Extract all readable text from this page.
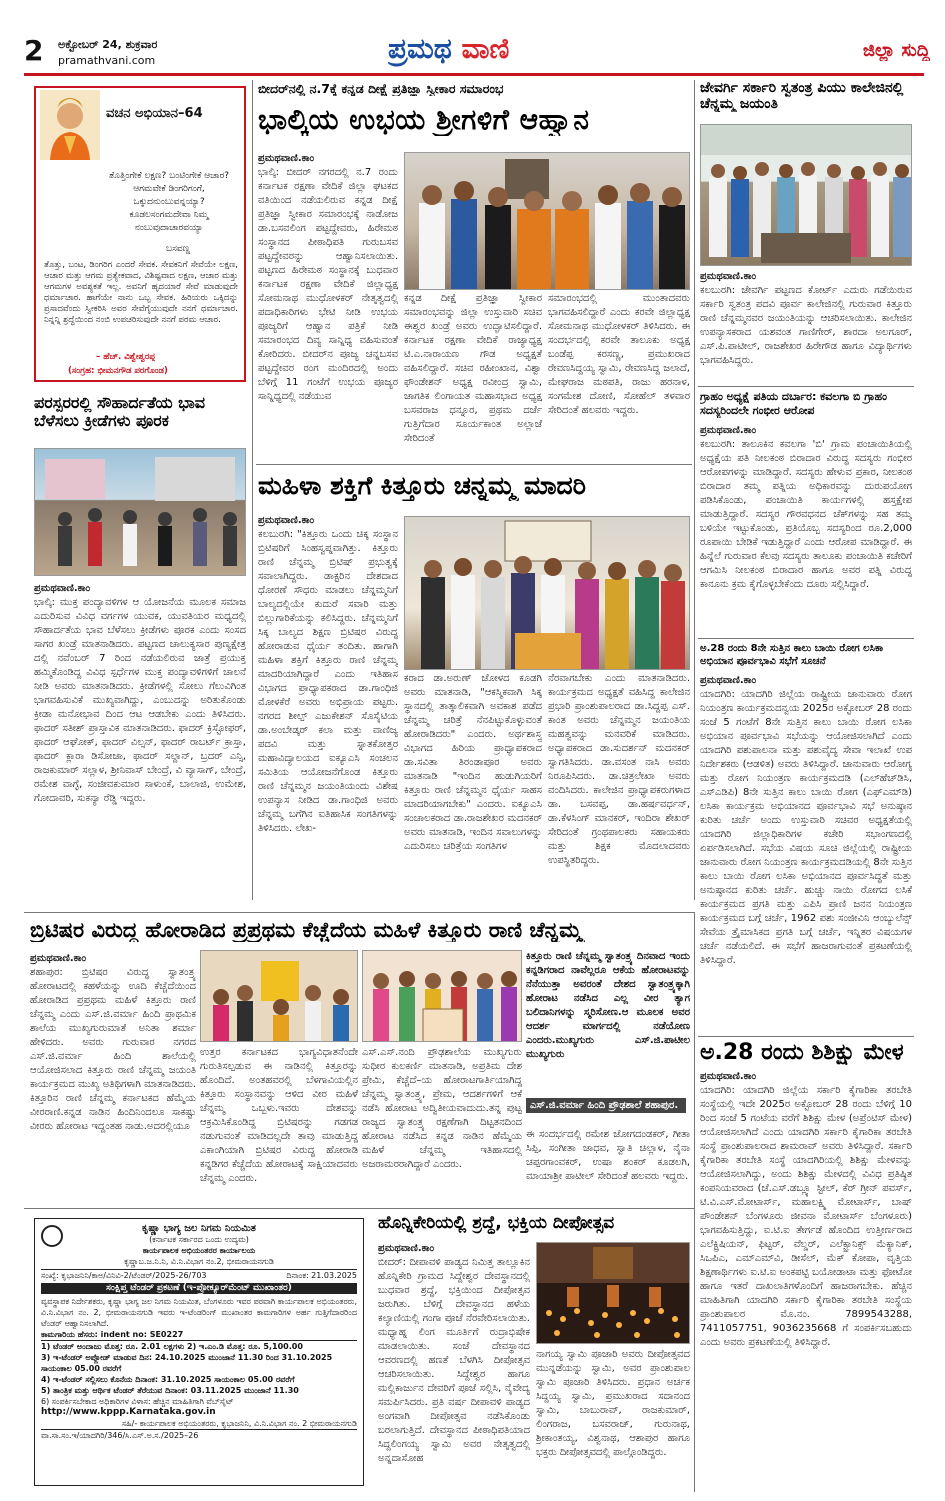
2 ಅಕ್ಟೋಬರ್ 24, ಶುಕ್ರವಾರ
pramathvani.com	ಪ್ರಮಥ ವಾಣಿ	ಜಿಲ್ಲಾ ಸುದ್ದಿ
ವಚನ ಅಭಿಯಾನ–64
ತೊತ್ತಿಂಗೇಕೆ ಲಕ್ಷಣ? ಬಂಟಿಂಗೇಕೆ ಆಚಾರ? ಆಗಮವೇಕೆ ಡಿಂಗರಿಗಂಗೆ, ಒಕ್ಕುದನುಂಬುವನ್ನಯ್ಯಾ? ಕೂಡಲಸಂಗಮದೇವಾ ನಿಮ್ಮ ನಂಬುವುದಾಚಾರವಯ್ಯಾ
ಬಸವಣ್ಣ
ತೊತ್ತು, ಬಂಟ, ಡಿಂಗರಿಗ ಎಂದರೆ ಸೇವಕ. ಸೇವಕನಿಗೆ ಸೇವೆಯೇ ಲಕ್ಷಣ, ಆಚಾರ ಮತ್ತು ಆಗಮ ಪ್ರತ್ಯೇಕವಾದ, ವಿಶಿಷ್ಟವಾದ ಲಕ್ಷಣ, ಆಚಾರ ಮತ್ತು ಆಗಮಗಳ ಅವಶ್ಯಕತೆ ಇಲ್ಲ. ಅವನಿಗೆ ಹೃದಯಾರೆ ಸೇವೆ ಮಾಡುವುದೇ ಧರ್ಮಾಚಾರ. ಹಾಗೆಯೇ ನಾನು ಒಬ್ಬ ಸೇವಕ. ಹಿರಿಯರು ಒಕ್ಕಿದನ್ನು ಪ್ರಸಾದವೆಂದು ಸ್ವೀಕರಿಸಿ ಅವರ ಸೇವೆಗೈಯುವುದೇ ನನಗೆ ಧರ್ಮಾಚಾರ. ನಿನ್ನನ್ನಿ ಶ್ರದ್ಧೆಯಿಂದ ನಂಬಿ ಉಪಚರಿಸುವುದೇ ನನಗೆ ಪರಮ ಆಚಾರ.
– ಹೆಚ್. ವಿಶ್ವೇಶ್ವರಪ್ಪ
(ಸಂಗ್ರಹ: ಭೀಮನಗೌಡ ಪರಗೊಂಡ)
ಪರಸ್ಪರರಲ್ಲಿ ಸೌಹಾರ್ದತೆಯ ಭಾವ ಬೆಳೆಸಲು ಕ್ರೀಡೆಗಳು ಪೂರಕ
ಪ್ರಮಥವಾಣಿ.ಕಾಂ
ಭಾಲ್ಕಿ: ಮುಕ್ತ ಪಂದ್ಯಾವಳಿಗಳ ಆ ಯೋಜನೆಯ ಮೂಲಕ ಸಮಾಜ ಎದುರಿಸುವ ವಿವಿಧ ವರ್ಗಗಳ ಯುವಕ, ಯುವತಿಯರ ಮಧ್ಯದಲ್ಲಿ ಸೌಹಾರ್ದತೆಯ ಭಾವ ಬೆಳೆಸಲು ಕ್ರೀಡೆಗಳು ಪೂರಕ ಎಂದು ಸಂಸದ ಸಾಗರ ಖಂಡ್ರೆ ಮಾತನಾಡಿದರು. ಪಟ್ಟಣದ ಚಾಲುಕ್ಯಸಾರ ಪುಣ್ಯಕ್ಷೇತ್ರ ದಲ್ಲಿ ನವೆಂಬರ್ 7 ರಿಂದ ನಡೆಯಲಿರುವ ಜಾತ್ರೆ ಪ್ರಯುಕ್ತ ಹಮ್ಮಿಕೊಂಡಿದ್ದ ವಿವಿಧ ಸ್ಪರ್ಧೆಗಳ ಮುಕ್ತ ಪಂದ್ಯಾವಳಿಗಳಿಗೆ ಚಾಲನೆ ನೀಡಿ ಅವರು ಮಾತನಾಡಿದರು. ಕ್ರೀಡೆಗಳಲ್ಲಿ ಸೋಲು ಗೆಲುವಿಗಿಂತ ಭಾಗವಹಿಸುವಿಕೆ ಮುಖ್ಯವಾಗಿದ್ದು, ಎಂಬುದನ್ನು ಅರಿತುಕೊಂಡು ಕ್ರೀಡಾ ಮನೋಭಾವ ದಿಂದ ಆಟ ಆಡಬೇಕು ಎಂದು ತಿಳಿಸಿದರು. ಫಾದರ್ ಸತೀಶ್ ಪ್ರಾಸ್ತಾವಿಕ ಮಾತನಾಡಿದರು. ಫಾದರ್ ಕ್ರಿಸ್ಟೋಫರ್, ಫಾದರ್ ಆಘೋಕ್, ಫಾದರ್ ವಿಲ್ಸನ್, ಫಾದರ್ ರಾಬರ್ಟ್ ಕ್ರಾಸ್ತಾ, ಫಾದರ್ ಕ್ಲಾರಾ ಡಿಸೋಜಾ, ಫಾದರ್ ಸಲ್ದಾನ್, ಬ್ರದರ್ ಎನ್ಸಿ, ರಾಜಕುಮಾರ್ ಸಲ್ಲಾಳ, ಶ್ರೀನಿವಾಸ್ ಬೇಂದ್ರೆ, ವಿ ವ್ಯಾಸಾಗ್, ಬೇಂದ್ರೆ, ರಮೇಶ ವಾಗ್ಳೆ, ಸಂಜೀವಕುಮಾರ ಸಾಳುಂಕೆ, ಬಾಲಾಜಿ, ಉಮೇಶ, ಗೋದಾವರಿ, ಸುಕನ್ಯಾ ರೆಡ್ಡಿ ಇದ್ದರು.
ಬೀದರ್‌ನಲ್ಲಿ ನ.7ಕ್ಕೆ ಕನ್ನಡ ದೀಕ್ಷೆ ಪ್ರತಿಜ್ಞಾ ಸ್ವೀಕಾರ ಸಮಾರಂಭ
ಭಾಲ್ಕಿಯ ಉಭಯ ಶ್ರೀಗಳಿಗೆ ಆಹ್ವಾನ
ಪ್ರಮಥವಾಣಿ.ಕಾಂ
ಭಾಲ್ಕಿ: ಬೀದರ್ ನಗರದಲ್ಲಿ ನ.7 ರಂದು ಕರ್ನಾಟಕ ರಕ್ಷಣಾ ವೇದಿಕೆ ಜಿಲ್ಲಾ ಘಟಕದ ವತಿಯಿಂದ ನಡೆಯಲಿರುವ ಕನ್ನಡ ದೀಕ್ಷೆ ಪ್ರತಿಜ್ಞಾ ಸ್ವೀಕಾರ ಸಮಾರಂಭಕ್ಕೆ ನಾಡೋಜ ಡಾ.ಬಸವಲಿಂಗ ಪಟ್ಟದ್ದೇವರು, ಹಿರೇಮಠ ಸಂಸ್ಥಾನದ ಪೀಠಾಧಿಪತಿ ಗುರುಬಸವ ಪಟ್ಟದ್ದೇವರನ್ನು ಆಹ್ವಾನಿಸಲಾಯಿತು. ಪಟ್ಟಣದ ಹಿರೇಮಠ ಸಂಸ್ಥಾನಕ್ಕೆ ಬುಧವಾರ ಕರ್ನಾಟಕ ರಕ್ಷಣಾ ವೇದಿಕೆ ಜಿಲ್ಲಾಧ್ಯಕ್ಷ ಸೋಮನಾಥ ಮುಧೋಳಕರ್ ನೇತೃತ್ವದಲ್ಲಿ ಪದಾಧಿಕಾರಿಗಳು ಭೇಟಿ ನೀಡಿ ಉಭಯ ಪೂಜ್ಯರಿಗೆ ಆಹ್ವಾನ ಪತ್ರಿಕೆ ನೀಡಿ ಸಮಾರಂಭದ ದಿವ್ಯ ಸಾನ್ನಿಧ್ಯ ವಹಿಸುವಂತೆ ಕೋರಿದರು. ಬೀದರ್‌ನ ಪೂಜ್ಯ ಚನ್ನಬಸವ ಪಟ್ಟದ್ದೇವರ ರಂಗ ಮಂದಿರದಲ್ಲಿ ಅಂದು ಬೆಳಿಗ್ಗೆ 11 ಗಂಟೆಗೆ ಉಭಯ ಪೂಜ್ಯರ ಸಾನ್ನಿಧ್ಯದಲ್ಲಿ ನಡೆಯುವ
ಕನ್ನಡ ದೀಕ್ಷೆ ಪ್ರತಿಜ್ಞಾ ಸ್ವೀಕಾರ ಸಮಾರಂಭವನ್ನು ಜಿಲ್ಲಾ ಉಸ್ತುವಾರಿ ಸಚಿವ ಈಶ್ವರ ಖಂಡ್ರೆ ಅವರು ಉದ್ಘಾಟಿಸಲಿದ್ದಾರೆ. ಕರ್ನಾಟಕ ರಕ್ಷಣಾ ವೇದಿಕೆ ರಾಜ್ಯಾಧ್ಯಕ್ಷ ಟಿ.ಎ.ನಾರಾಯಣ ಗೌಡ ಅಧ್ಯಕ್ಷತೆ ವಹಿಸಲಿದ್ದಾರೆ. ಸಚಿವ ರಹೀಂಖಾನ, ವಿಶ್ವಾ ಫೌಂಡೇಶನ್ ಅಧ್ಯಕ್ಷ ರವೀಂದ್ರ ಸ್ವಾಮಿ, ಜಾಗತಿಕ ಲಿಂಗಾಯತ ಮಹಾಸಭಾದ ಅಧ್ಯಕ್ಷ ಬಸವರಾಜ ಧನ್ನೂರ, ಪ್ರಥಮ ದರ್ಜೆ ಗುತ್ತಿಗೆದಾರ ಸೂರ್ಯಕಾಂತ ಅಲ್ಲಾಜೆ ಸೇರಿದಂತೆ
ಸಮಾರಂಭದಲ್ಲಿ ಮುಂತಾದವರು ಭಾಗವಹಿಸಲಿದ್ದಾರೆ ಎಂದು ಕರವೇ ಜಿಲ್ಲಾಧ್ಯಕ್ಷ ಸೋಮನಾಥ ಮುಧೋಳಕರ್ ತಿಳಿಸಿದರು. ಈ ಸಂದರ್ಭದಲ್ಲಿ ಕರವೇ ತಾಲೂಕು ಅಧ್ಯಕ್ಷ ಬಂಡೆಪ್ಪ ಕರಸಣ್ಣ, ಪ್ರಮುಖರಾದ ರೇವಣಸಿದ್ದಯ್ಯ ಸ್ವಾಮಿ, ರೇವಣಸಿದ್ದ ಜಲಾದೆ, ಮೇಘರಾಜ ಮಠಪತಿ, ರಾಜು ಹರನಾಳ, ಸಂಗಮೇಶ ದೋಣಿ, ಸೋಹೆಲ್ ತಳವಾರ ಸೇರಿದಂತೆ ಹಲವರು ಇದ್ದರು.
ಮಹಿಳಾ ಶಕ್ತಿಗೆ ಕಿತ್ತೂರು ಚನ್ನಮ್ಮ ಮಾದರಿ
ಪ್ರಮಥವಾಣಿ.ಕಾಂ
ಕಲಬುರಗಿ: "ಕಿತ್ತೂರು ಒಂದು ಚಿಕ್ಕ ಸಂಸ್ಥಾನ ಬ್ರಿಟಿಷರಿಗೆ ಸಿಂಹಸ್ವಪ್ನವಾಗಿತ್ತು. ಕಿತ್ತೂರು ರಾಣಿ ಚೆನ್ನಮ್ಮ ಬ್ರಿಟಿಷ್ ಪ್ರಭುತ್ವಕ್ಕೆ ಸವಾಲಾಗಿದ್ದರು. ಡಾಕ್ಟರಿನ ದೇಶದಾದ ಧೋರಣೆ ಸೌಧರು ಮಾಡಲು ಚೆನ್ನಮ್ಮನಿಗೆ ಬಾಲ್ಯದಲ್ಲಿಯೇ ಕುದುರೆ ಸವಾರಿ ಮತ್ತು ಬಿಲ್ಲುಗಾರಿಕೆಯನ್ನು ಕಲಿಸಿದ್ದರು. ಚೆನ್ನಮ್ಮನಿಗೆ ಸಿಕ್ಕ ಬಾಲ್ಯದ ಶಿಕ್ಷಣ ಬ್ರಿಟಿಷರ ವಿರುದ್ಧ ಹೋರಾಡುವ ಧೈರ್ಯ ತಂದಿತು. ಹಾಗಾಗಿ ಮಹಿಳಾ ಶಕ್ತಿಗೆ ಕಿತ್ತೂರು ರಾಣಿ ಚೆನ್ನಮ್ಮ ಮಾದರಿಯಾಗಿದ್ದಾರೆ ಎಂದು ಇತಿಹಾಸ ವಿಭಾಗದ ಪ್ರಾಧ್ಯಾಪಕರಾದ ಡಾ.ಗಾಂಧಿಜಿ ಮೋಳಕೆರೆ ಅವರು ಅಭಿಪ್ರಾಯ ಪಟ್ಟರು. ನಗರದ ಶೀಲ್ಪ್ ಎಜುಕೇಶನ್ ಸೊಸೈಟಿಯ ಡಾ.ಅಂಬೇಡ್ಕರ್ ಕಲಾ ಮತ್ತು ವಾಣಿಜ್ಯ ಪದವಿ ಮತ್ತು ಸ್ನಾತಕೋತ್ತರ ಮಹಾವಿದ್ಯಾಲಯದ ಐಕ್ಯೂಎಸಿ ಸಂಚಲನ ಸಮಿತಿಯ ಆಯೋಜನೆಗೊಂಡ ಕಿತ್ತೂರು ರಾಣಿ ಚೆನ್ನಮ್ಮನ ಜಯಂತಿಯಂದು ವಿಶೇಷ ಉಪನ್ಯಾಸ ನೀಡಿದ ಡಾ.ಗಾಂಧಿಜಿ ಅವರು ಚೆನ್ನಮ್ಮ ಬಗೆಗಿನ ಐತಿಹಾಸಿಕ ಸಂಗತಿಗಳನ್ನು ತಿಳಿಸಿದರು. ಲೇಖ-
ಕರಾದ ಡಾ.ಅರುಣ್ ಜೋಳದ ಕೂಡಗಿ ಅವರು ಮಾತನಾಡಿ, "ಆಕಸ್ಮಿಕವಾಗಿ ಸಿಕ್ಕ ಸ್ಥಾನದಲ್ಲಿ ತಾತ್ಕಾಲಿಕವಾಗಿ ಅವಕಾಶ ಪಡೆದ ಚೆನ್ನಮ್ಮ ಚರಿತ್ರೆ ನೆನಪಿಟ್ಟುಕೊಳ್ಳುವಂತೆ ಹೋರಾಡಿದರು" ಎಂದರು. ಅರ್ಥಶಾಸ್ತ್ರ ವಿಭಾಗದ ಹಿರಿಯ ಪ್ರಾಧ್ಯಾಪಕರಾದ ಡಾ.ಸವಿತಾ ತಿರಂಡಾಪೂರ ಅವರು ಮಾತನಾಡಿ "ಇಂದಿನ ಹುಡುಗಿಯರಿಗೆ ಕಿತ್ತೂರು ರಾಣಿ ಚೆನ್ನಮ್ಮನ ಧೈರ್ಯ ಸಾಹಸ ಮಾದರಿಯಾಗಬೇಕು" ಎಂದರು. ಐಕ್ಯೂಎಸಿ ಸಂಚಾಲಕರಾದ ಡಾ.ರಾಜಶೇಖರ ಮದನಕರ್ ಅವರು ಮಾತನಾಡಿ, ಇಂದಿನ ಸವಾಲುಗಳನ್ನು ಎದುರಿಸಲು ಚರಿತ್ರೆಯ ಸಂಗತಿಗಳ
ನೆರವಾಗಬೇಕು ಎಂದು ಮಾತನಾಡಿದರು. ಕಾರ್ಯಕ್ರಮದ ಅಧ್ಯಕ್ಷತೆ ವಹಿಸಿದ್ದ ಕಾಲೇಜಿನ ಪ್ರಭಾರಿ ಪ್ರಾಂಶುಪಾಲರಾದ ಡಾ.ಸಿದ್ದಪ್ಪ ಎಸ್. ಕಾಂತ ಅವರು ಚೆನ್ನಮ್ಮನ ಜಯಂತಿಯ ಮಹತ್ವವನ್ನು ಮನವರಿಕೆ ಮಾಡಿದರು. ಅಧ್ಯಾಪಕರಾದ ಡಾ.ಸುದರ್ಶನ್ ಮದನಕರ್ ಸ್ವಾಗತಿಸಿದರು. ಡಾ.ವಸಂತ ನಾಸಿ ಅವರು ನಿರೂಪಿಸಿದರು. ಡಾ.ಚಿತ್ರಲೇಖಾ ಅವರು ವಂದಿಸಿದರು. ಕಾಲೇಜಿನ ಪ್ರಾಧ್ಯಾಪಕರುಗಳಾದ ಡಾ. ಬಸವಪ್ಪ, ಡಾ.ಹರ್ಷವರ್ಧನ್, ಡಾ.ಕೆಳಸಿಂಗ್ ಮಾನಕರ್, ಇಂದಿರಾ ಶೇಖರ್ ಸೇರಿದಂತೆ ಗ್ರಂಥಪಾಲಕರು ಸಹಾಯಕರು ಮತ್ತು ಶಿಕ್ಷಕ ಮೊದಲಾದವರು ಉಪಸ್ಥಿತರಿದ್ದರು.
ಜೇವರ್ಗಿ ಸರ್ಕಾರಿ ಸ್ವತಂತ್ರ ಪಿಯು ಕಾಲೇಜಿನಲ್ಲಿ ಚೆನ್ನಮ್ಮ ಜಯಂತಿ
ಪ್ರಮಥವಾಣಿ.ಕಾಂ
ಕಲಬುರಗಿ: ಜೇವರ್ಗಿ ಪಟ್ಟಣದ ಕೋರ್ಟ್ ಎದುರು ಗಡೆಯಿರುವ ಸರ್ಕಾರಿ ಸ್ವತಂತ್ರ ಪದವಿ ಪೂರ್ವ ಕಾಲೇಜಿನಲ್ಲಿ ಗುರುವಾರ ಕಿತ್ತೂರು ರಾಣಿ ಚೆನ್ನಮ್ಮನವರ ಜಯಂತಿಯನ್ನು ಆಚರಿಸಲಾಯಿತು. ಕಾಲೇಜಿನ ಉಪನ್ಯಾಸಕರಾದ ಯಶವಂತ ಗಾಣಿಗೇರ್, ಶಾರದಾ ಅಲಗೂರ್, ಎಸ್.ಪಿ.ಪಾಟೀಲ್, ರಾಜಶೇಖರ ಹಿರೇಗೌಡ ಹಾಗೂ ವಿದ್ಯಾರ್ಥಿಗಳು ಭಾಗವಹಿಸಿದ್ದರು.
ಗ್ರಾಹಂ ಅಧ್ಯಕ್ಷೆ ಪತಿಯ ದರ್ಬಾರ: ಕವಲಗಾ ಬಿ ಗ್ರಾಹಂ ಸದಸ್ಯರಿಂದಲೇ ಗಂಭೀರ ಆರೋಪ
ಪ್ರಮಥವಾಣಿ.ಕಾಂ
ಕಲಬುರಗಿ: ತಾಲೂಕಿನ ಕವಲಗಾ 'ಬಿ' ಗ್ರಾಮ ಪಂಚಾಯಿತಿಯಲ್ಲಿ ಅಧ್ಯಕ್ಷೆಯ ಪತಿ ನೀಲಕಂಠ ಬಿರಾದಾರ ವಿರುದ್ಧ ಸದಸ್ಯರು ಗಂಭೀರ ಆರೋಪಗಳನ್ನು ಮಾಡಿದ್ದಾರೆ. ಸದಸ್ಯರು ಹೇಳುವ ಪ್ರಕಾರ, ನೀಲಕಂಠ ಬಿರಾದಾರ ತಮ್ಮ ಪತ್ನಿಯ ಅಧಿಕಾರವನ್ನು ದುರುಪಯೋಗ ಪಡಿಸಿಕೊಂಡು, ಪಂಚಾಯಿತಿ ಕಾರ್ಯಗಳಲ್ಲಿ ಹಸ್ತಕ್ಷೇಪ ಮಾಡುತ್ತಿದ್ದಾರೆ. ಸದಸ್ಯರ ಗೌರವಧನದ ಚೆಕ್‌ಗಳನ್ನು ಸಹ ತಮ್ಮ ಬಳಿಯೇ ಇಟ್ಟುಕೊಂಡು, ಪ್ರತಿಯೊಬ್ಬ ಸದಸ್ಯರಿಂದ ರೂ.2,000 ರೂಪಾಯಿ ಬೇಡಿಕೆ ಇಡುತ್ತಿದ್ದಾರೆ ಎಂದು ಆರೋಪ ಮಾಡಿದ್ದಾರೆ. ಈ ಹಿನ್ನೆಲೆ ಗುರುವಾರ ಕೆಲವು ಸದಸ್ಯರು ತಾಲೂಕು ಪಂಚಾಯಿತಿ ಕಚೇರಿಗೆ ಆಗಮಿಸಿ ನೀಲಕಂಠ ಬಿರಾದಾರ ಹಾಗೂ ಅವರ ಪತ್ನಿ ವಿರುದ್ಧ ಕಾನೂನು ಕ್ರಮ ಕೈಗೊಳ್ಳಬೇಕೆಂದು ದೂರು ಸಲ್ಲಿಸಿದ್ದಾರೆ.
ಅ.28 ರಂದು 8ನೇ ಸುತ್ತಿನ ಕಾಲು ಬಾಯಿ ರೋಗ ಲಸಿಕಾ ಅಭಿಯಾನ ಪೂರ್ವಭಾವಿ ಸಭೆಗೆ ಸೂಚನೆ
ಪ್ರಮಥವಾಣಿ.ಕಾಂ
ಯಾದಗಿರಿ: ಯಾದಗಿರಿ ಜಿಲ್ಲೆಯ ರಾಷ್ಟ್ರೀಯ ಜಾನುವಾರು ರೋಗ ನಿಯಂತ್ರಣ ಕಾರ್ಯಕ್ರಮದನ್ವಯ 2025ರ ಅಕ್ಟೋಬರ್ 28 ರಂದು ಸಂಜೆ 5 ಗಂಟೆಗೆ 8ನೇ ಸುತ್ತಿನ ಕಾಲು ಬಾಯಿ ರೋಗ ಲಸಿಕಾ ಅಭಿಯಾನ ಪೂರ್ವಭಾವಿ ಸಭೆಯನ್ನು ಆಯೋಜಿಸಲಾಗಿದೆ ಎಂದು ಯಾದಗಿರಿ ಪಶುಪಾಲನಾ ಮತ್ತು ಪಶುವೈದ್ಯ ಸೇವಾ ಇಲಾಖೆ ಉಪ ನಿರ್ದೇಶಕರು (ಆಡಳಿತ) ಅವರು ತಿಳಿಸಿದ್ದಾರೆ. ಜಾನುವಾರು ಆರೋಗ್ಯ ಮತ್ತು ರೋಗ ನಿಯಂತ್ರಣ ಕಾರ್ಯಕ್ರಮದಡಿ (ಎಲ್‌ಹೆಚ್‌ಡಿಸಿ, ಎಸ್‌ಎಡಿಪಿ) 8ನೇ ಸುತ್ತಿನ ಕಾಲು ಬಾಯಿ ರೋಗ (ಎಫ್‌ಎಮ್‌ಡಿ) ಲಸಿಕಾ ಕಾರ್ಯಕ್ರಮ ಅಭಿಯಾನದ ಪೂರ್ವಭಾವಿ ಸಭೆ ಅನುಷ್ಠಾನ ಕುರಿತು ಚರ್ಚೆ ಅಂದು ಉಸ್ತುವಾರಿ ಸಚಿವರ ಅಧ್ಯಕ್ಷತೆಯಲ್ಲಿ ಯಾದಗಿರಿ ಜಿಲ್ಲಾಧಿಕಾರಿಗಳ ಕಚೇರಿ ಸಭಾಂಗಣದಲ್ಲಿ ಏರ್ಪಡಿಸಲಾಗಿದೆ. ಸಭೆಯ ವಿಷಯ ಸೂಚಿ ಜಿಲ್ಲೆಯಲ್ಲಿ ರಾಷ್ಟ್ರೀಯ ಜಾನುವಾರು ರೋಗ ನಿಯಂತ್ರಣ ಕಾರ್ಯಕ್ರಮದಡಿಯಲ್ಲಿ 8ನೇ ಸುತ್ತಿನ ಕಾಲು ಬಾಯಿ ರೋಗ ಲಸಿಕಾ ಅಭಿಯಾನದ ಪೂರ್ವಸಿದ್ಧತೆ ಮತ್ತು ಅನುಷ್ಠಾನದ ಕುರಿತು ಚರ್ಚೆ. ಹುಚ್ಚು ನಾಯಿ ರೋಗದ ಲಸಿಕೆ ಕಾರ್ಯಕ್ರಮದ ಪ್ರಗತಿ ಮತ್ತು ಎಪಿಸಿ ಪ್ರಾಣಿ ಜನನ ನಿಯಂತ್ರಣ ಕಾರ್ಯಕ್ರಮದ ಬಗ್ಗೆ ಚರ್ಚೆ, 1962 ಪಶು ಸಂಜೀವಿನಿ ಆಂಬ್ಯುಲೆನ್ಸ್ ಸೇವೆಯ ತ್ರೈಮಾಸಿಕದ ಪ್ರಗತಿ ಬಗ್ಗೆ ಚರ್ಚೆ, ಇನ್ನಿತರ ವಿಷಯಗಳ ಚರ್ಚೆ ನಡೆಯಲಿದೆ. ಈ ಸಭೆಗೆ ಹಾಜರಾಗುವಂತೆ ಪ್ರಕಟಣೆಯಲ್ಲಿ ತಿಳಿಸಿದ್ದಾರೆ.
ಅ.28 ರಂದು ಶಿಶಿಕ್ಷು ಮೇಳ
ಪ್ರಮಥವಾಣಿ.ಕಾಂ
ಯಾದಗಿರಿ: ಯಾದಗಿರಿ ಜಿಲ್ಲೆಯ ಸರ್ಕಾರಿ ಕೈಗಾರಿಕಾ ತರಬೇತಿ ಸಂಸ್ಥೆಯಲ್ಲಿ ಇದೇ 2025ರ ಅಕ್ಟೋಬರ್ 28 ರಂದು ಬೆಳಿಗ್ಗೆ 10 ರಿಂದ ಸಂಜೆ 5 ಗಂಟೆಯ ವರೆಗೆ ಶಿಶಿಕ್ಷು ಮೇಳ (ಅಪ್ರೆಂಟಿಸ್ ಮೇಳ) ಆಯೋಜಿಸಲಾಗಿದೆ ಎಂದು ಯಾದಗಿರಿ ಸರ್ಕಾರಿ ಕೈಗಾರಿಕಾ ತರಬೇತಿ ಸಂಸ್ಥೆ ಪ್ರಾಂಶುಪಾಲರಾದ ಶಾಮರಾವ್ ಅವರು ತಿಳಿಸಿದ್ದಾರೆ. ಸರ್ಕಾರಿ ಕೈಗಾರಿಕಾ ತರಬೇತಿ ಸಂಸ್ಥೆ ಯಾದಗಿರಿಯಲ್ಲಿ ಶಿಶಿಕ್ಷು ಮೇಳವನ್ನು ಆಯೋಜಿಸಲಾಗಿದ್ದು, ಅಂದು ಶಿಶಿಕ್ಷು ಮೇಳದಲ್ಲಿ ವಿವಿಧ ಪ್ರತಿಷ್ಠಿತ ಕಂಪನಿಯವರಾದ (ಜೆ.ಎಸ್.ಡಬ್ಲ್ಯೂ ಸ್ಟೀಲ್, ಕೆರ್ ಗ್ರೀನ್ ಪವರ್ಸ್, ಟಿ.ವಿ.ಎಸ್.ಮೋಟಾರ್ಸ್, ಮಹಾಲಕ್ಷ್ಮಿ ಮೋಟಾರ್ಸ್, ಬಾಷ್ ಪೌಂಡೇಶನ್ ಬೆಂಗಳೂರು ಜೀವನಾ ಮೋಟಾರ್ಸ್ ಬೆಂಗಳೂರು) ಭಾಗವಹಿಸುತ್ತಿದ್ದು, ಐ.ಟಿ.ಐ ತೇರ್ಗಡೆ ಹೊಂದಿದ ಉತ್ತೀರ್ಣರಾದ ಎಲೆಕ್ಟ್ರಿಷಿಯನ್, ಫಿಟ್ಟರ್, ವೆಲ್ಡರ್, ಎಲೆಕ್ಟ್ರಾನಿಕ್ಸ್ ಮೆಕ್ಯಾನಿಕ್, ಸಿಒಪಿಎ, ಎಮ್‌ಎಮ್‌ವಿ, ಡೀಸೆಲ್, ಮೆಕ್ ಕೋಪಾ, ವೃತ್ತಿಯ ಶಿಕ್ಷಣಾರ್ಥಿಗಳು ಐ.ಟಿ.ಐ ಅಂಕಪಟ್ಟಿ ಬಯೋಡಾಟಾ ಮತ್ತು ಫೋಟೋ ಹಾಗೂ ಇತರೆ ದಾಖಲಾತಿಗಳೊಂದಿಗೆ ಹಾಜರಾಗಬೇಕು. ಹೆಚ್ಚಿನ ಮಾಹಿತಿಗಾಗಿ ಯಾದಗಿರಿ ಸರ್ಕಾರಿ ಕೈಗಾರಿಕಾ ತರಬೇತಿ ಸಂಸ್ಥೆಯ ಪ್ರಾಂಶುಪಾಲರ ಮೊ.ನಂ. 7899543288, 7411057751, 9036235668 ಗೆ ಸಂಪರ್ಕಿಸಬಹುದು ಎಂದು ಅವರು ಪ್ರಕಟಣೆಯಲ್ಲಿ ತಿಳಿಸಿದ್ದಾರೆ.
ಬ್ರಿಟಿಷರ ವಿರುದ್ಧ ಹೋರಾಡಿದ ಪ್ರಪ್ರಥಮ ಕೆಚ್ಚೆದೆಯ ಮಹಿಳೆ ಕಿತ್ತೂರು ರಾಣಿ ಚೆನ್ನಮ್ಮ
ಪ್ರಮಥವಾಣಿ.ಕಾಂ
ಶಹಾಪುರ: ಬ್ರಿಟಿಷರ ವಿರುದ್ಧ ಸ್ವಾತಂತ್ರ್ಯ ಹೋರಾಟದಲ್ಲಿ ಕಹಳೆಯನ್ನು ಊದಿ ಕೆಚ್ಚೆದೆಯಿಂದ ಹೋರಾಡಿದ ಪ್ರಪ್ರಥಮ ಮಹಿಳೆ ಕಿತ್ತೂರು ರಾಣಿ ಚೆನ್ನಮ್ಮ ಎಂದು ಎಸ್.ಜಿ.ವರ್ಮಾ ಹಿಂದಿ ಪ್ರಾಥಮಿಕ ಶಾಲೆಯ ಮುಖ್ಯಗುರುಮಾತೆ ಅನಿತಾ ಶರ್ಮಾ ಹೇಳಿದರು. ಅವರು ಗುರುವಾರ ನಗರದ ಎಸ್.ಜಿ.ವರ್ಮಾ ಹಿಂದಿ ಶಾಲೆಯಲ್ಲಿ ಆಯೋಜಿಸಲಾದ ಕಿತ್ತೂರು ರಾಣಿ ಚೆನ್ನಮ್ಮ ಜಯಂತಿ ಕಾರ್ಯಕ್ರಮದ ಮುಖ್ಯ ಅತಿಥಿಗಳಾಗಿ ಮಾತನಾಡಿದರು. ಕಿತ್ತೂರಿನ ರಾಣಿ ಚೆನ್ನಮ್ಮ ಕರ್ನಾಟಕದ ಹೆಮ್ಮೆಯ ವೀರರಾಣಿ.ಕನ್ನಡ ನಾಡಿನ ಹಿಂದಿನಿಂದಲೂ ಸಾಕಷ್ಟು ವೀರರು ಹೋರಾಟ ಇದ್ದಂತಹ ನಾಡು.ಅದರಲ್ಲಿಯೂ
ಕಿತ್ತೂರು ರಾಣಿ ಚೆನ್ನಮ್ಮ ಸ್ವಾತಂತ್ರ್ಯ ದಿನವಾದ ಇಂದು ಕನ್ನಡಿಗರಾದ ನಾವೆಲ್ಲರೂ ಆಕೆಯ ಹೋರಾಟವನ್ನು ನೆನೆಯುತ್ತಾ ಅವರಂತೆ ದೇಶದ ಸ್ವಾತಂತ್ರ್ಯಕ್ಕಾಗಿ ಹೋರಾಟ ನಡೆಸಿದ ಎಲ್ಲ ವೀರ ತ್ಯಾಗ ಬಲಿದಾನಿಗಳನ್ನು ಸ್ಮರಿಸೋಣ.ಆ ಮೂಲಕ ಅವರ ಆದರ್ಶ ಮಾರ್ಗದಲ್ಲಿ ನಡೆಯೋಣ ಎಂದರು.ಮುಖ್ಯಗುರು ಎಸ್.ಜಿ.ಪಾಟೀಲ ಮುಖ್ಯಗುರು
ಎಸ್.ಜಿ.ವರ್ಮಾ ಹಿಂದಿ ಪ್ರೌಢಶಾಲೆ ಶಹಾಪುರ.
ಉತ್ತರ ಕರ್ನಾಟಕದ ಭಾಗ್ಯವಿಧಾತನೆಂದೇ ಗುರುತಿಸಲ್ಪಡುವ ಈ ನಾಡಿನಲ್ಲಿ ಕಿತ್ತೂರನ್ನು ಹೊಂದಿದೆ. ಅಂತಹವರಲ್ಲಿ ಬೆಳಗಾವಿಯಲ್ಲಿನ ಕಿತ್ತೂರು ಸಂಸ್ಥಾನವನ್ನು ಆಳಿದ ವೀರ ಮಹಿಳೆ ಚೆನ್ನಮ್ಮ ಒಬ್ಬಳು.ಇವರು ದೇಶವನ್ನು ಆಕ್ರಮಿಸಿಕೊಂಡಿದ್ದ ಬ್ರಿಟಿಷರನ್ನು ಗಡಗಡ ನಡುಗುವಂತೆ ಮಾಡಿದಲ್ಲದೇ ತಾವು ಮಾಡುತ್ತಿದ್ದ ಎಕಾಂಗಿಯಾಗಿ ಬ್ರಿಟಿಷರ ವಿರುದ್ಧ ಹೋರಾಡಿ ಕನ್ನಡಿಗರ ಕೆಚ್ಚೆದೆಯ ಹೋರಾಟಕ್ಕೆ ಸಾಕ್ಷಿಯಾದವರು ಚೆನ್ನಮ್ಮ ಎಂದರು.
ಎಸ್.ಎಸ್.ನಂದಿ ಪ್ರೌಢಶಾಲೆಯ ಮುಖ್ಯಗುರು ಸುಧೀರ ಕುಲಕರ್ಣಿ ಮಾತನಾಡಿ, ಅಪ್ರತಿಮ ದೇಶ ಪ್ರೇಮಿ, ಕೆಚ್ಚೆದೆ–ಯ ಹೋರಾಟಗಾರ್ತಿಯಾಗಿದ್ದ ಚೆನ್ನಮ್ಮ ಸ್ವಾತಂತ್ರ್ಯ, ಪ್ರೇಮ, ಆದರ್ಶಗಳಿಗೆ ಆಕೆ ನಡೆಸಿ ಹೋರಾಟ ಅದ್ವಿತೀಯವಾದುದು.ತನ್ನ ಪುಟ್ಟ ರಾಜ್ಯದ ಸ್ವಾತಂತ್ರ್ಯ ರಕ್ಷಣೆಗಾಗಿ ದಿಟ್ಟತನದಿಂದ ಹೋರಾಟ ನಡೆಸಿದ ಕನ್ನಡ ನಾಡಿನ ಹೆಮ್ಮೆಯ ಮಹಿಳೆ ಚೆನ್ನಮ್ಮ ಇತಿಹಾಸದಲ್ಲಿ ಅಜರಾಮರರಾಗಿದ್ದಾರೆ ಎಂದರು.
ಈ ಸಂದರ್ಭದಲ್ಲಿ ರಮೇಶ ಜೋಗದಂಡಕರ್, ಗೀತಾ ಸಿಪ್ಪಿ, ಸಂಗೀತಾ ಜಾಧವ, ಸ್ವಾತಿ ಚಿಲ್ಲಾಳ, ನೈನಾ ಚಪ್ಪರಗಾಂವಕರ್, ಉಷಾ ಶಂಕರ್ ಕೂಡಲಗಿ, ಮಾಯಾಶ್ರೀ ಪಾಟೀಲ್ ಸೇರಿದಂತೆ ಹಲವರು ಇದ್ದರು.
ಕೃಷ್ಣಾ ಭಾಗ್ಯ ಜಲ ನಿಗಮ ನಿಯಮಿತ
(ಕರ್ನಾಟಕ ಸರ್ಕಾರದ ಒಂದು ಉದ್ಯಮ)
ಕಾರ್ಯಪಾಲಕ ಅಭಿಯಂತರರ ಕಾರ್ಯಾಲಯ
ಕೃಷ್ಣಾಬ.ಜ.ನಿ.ನಿ, ವಿ.ನಿ.ವಿಭಾಗ ನಂ.2, ಭೀಮರಾಯನಗುಡಿ
ಸಂಖ್ಯೆ: ಕೃಭಾಜನಿನಿ/ಕಾಅ/ವಿನಿವಿ-2/ಟೆಂಡರ್/2025-26/703	ದಿನಾಂಕ: 21.03.2025
ಸಂಕ್ಷಿಪ್ತ ಟೆಂಡರ್ ಪ್ರಕಟಣೆ (ಇ-ಪ್ರೋಕ್ಯೂರ್‌ಮೆಂಟ್ ಮುಖಾಂತರ)
ವ್ಯವಸ್ಥಾಪಕ ನಿರ್ದೇಶಕರು, ಕೃಷ್ಣಾ ಭಾಗ್ಯ ಜಲ ನಿಗಮ ನಿಯಮಿತ, ಬೆಂಗಳೂರು ಇವರ ಪರವಾಗಿ ಕಾರ್ಯಪಾಲಕ ಅಭಿಯಂತರರು, ವಿ.ನಿ.ವಿಭಾಗ ನಂ. 2, ಭೀಮರಾಯನಗುಡಿ ಇವರು ಇ-ಟೆಂಡರಿಂಗ್ ಮುಖಾಂತರ ಕಾಮಗಾರಿಗಳ ಅರ್ಹ ಗುತ್ತಿಗೆದಾರರಿಂದ ಟೆಂಡರ್ ಆಹ್ವಾನಿಸಲಾಗಿದೆ.
ಕಾಮಗಾರಿಯ ಹೆಸರು: indent no: SE0227
1) ಟೆಂಡರ್ ಅಂದಾಜು ಮೊತ್ತ: ರೂ. 2.01 ಲಕ್ಷಗಳು 2) ಇ.ಎಂ.ಡಿ ಮೊತ್ತ: ರೂ. 5,100.00
3) ಇ-ಟೆಂಡರ್ ಅಪ್ಲೋಡ್ ಮಾಡುವ ದಿನ: 24.10.2025 ಮುಂಜಾನೆ 11.30 ರಿಂದ 31.10.2025 ಸಾಯಂಕಾಲ 05.00 ರವರೆಗೆ
4) ಇ-ಟೆಂಡರ್ ಸಲ್ಲಿಸಲು ಕೊನೆಯ ದಿನಾಂಕ: 31.10.2025 ಸಾಯಂಕಾಲ 05.00 ರವರೆಗೆ
5) ತಾಂತ್ರಿಕ ಮತ್ತು ಆರ್ಥಿಕ ಟೆಂಡರ್ ತೆರೆಯುವ ದಿನಾಂಕ: 03.11.2025 ಮುಂಜಾನೆ 11.30
6) ಸಂಪರ್ಕಿಸಬೇಕಾದ ಅಧಿಕಾರಿಗಳ ವಿಳಾಸ: ಹೆಚ್ಚಿನ ಮಾಹಿತಿಗಾಗಿ ವೆಬ್‌ಸೈಟ್
http://www.kppp.Karnataka.gov.in
ಸಹಿ/- ಕಾರ್ಯಪಾಲಕ ಅಭಿಯಂತರರು, ಕೃಭಾಜನಿನಿ, ವಿ.ನಿ.ವಿಭಾಗ ನಂ. 2 ಭೀಮರಾಯನಗುಡಿ
ವಾ.ಸಾ.ಸಂ.ಇ/ಯಾದಗಿರಿ/346/ಸಿ.ಎಸ್.ಅ.ಸ./2025–26
ಹೊನ್ನಿಕೇರಿಯಲ್ಲಿ ಶ್ರದ್ಧೆ, ಭಕ್ತಿಯ ದೀಪೋತ್ಸವ
ಪ್ರಮಥವಾಣಿ.ಕಾಂ
ಬೀದರ್: ದೀಪಾವಳಿ ಪಾಡ್ಯದ ನಿಮಿತ್ತ ತಾಲ್ಲೂಕಿನ ಹೊನ್ನಿಕೇರಿ ಗ್ರಾಮದ ಸಿದ್ದೇಶ್ವರ ದೇವಸ್ಥಾನದಲ್ಲಿ ಬುಧವಾರ ಶ್ರದ್ಧೆ, ಭಕ್ತಿಯಿಂದ ದೀಪೋತ್ಸವ ಜರುಗಿತು. ಬೆಳಿಗ್ಗೆ ದೇವಸ್ಥಾನದ ಹಳೆಯ ಕಲ್ಯಾಣಿಯಲ್ಲಿ ಗಂಗಾ ಪೂಜೆ ನೆರವೇರಿಸಲಾಯಿತು. ಮಧ್ಯಾಹ್ನ ಲಿಂಗ ಮೂರ್ತಿಗೆ ರುದ್ರಾಭಿಷೇಕ ಮಾಡಲಾಯಿತು. ಸಂಜೆ ದೇವಸ್ಥಾನದ ಆವರಣದಲ್ಲಿ ಹಣತೆ ಬೆಳಗಿಸಿ ದೀಪೋತ್ಸವ ಆಚರಿಸಲಾಯಿತು. ಸಿದ್ದೇಶ್ವರ ಹಾಗೂ ಮಲ್ಲಿಕಾರ್ಜುನ ದೇವರಿಗೆ ಪೂಜೆ ಸಲ್ಲಿಸಿ, ನೈವೇದ್ಯ ಸಮರ್ಪಿಸಿದರು. ಪ್ರತಿ ವರ್ಷ ದೀಪಾವಳಿ ಪಾಡ್ಯದ ಅಂಗವಾಗಿ ದೀಪೋತ್ಸವ ನಡೆಸಿಕೊಂಡು ಬರಲಾಗುತ್ತಿದೆ. ದೇವಸ್ಥಾನದ ಪೀಠಾಧಿಪತಿಯಾದ ಸಿದ್ದಲಿಂಗಯ್ಯ ಸ್ವಾಮಿ ಅವರ ನೇತೃತ್ವದಲ್ಲಿ ಅನ್ನದಾಸೋಹ
ನಾಗಯ್ಯ ಸ್ವಾಮಿ ಪೂಜಾರಿ ಅವರು ದೀಪೋತ್ಸವದ ಮುನ್ನಡೆಯನ್ನು ಸ್ವಾಮಿ, ಅವರ ಪ್ರಾಂಶುಪಾಲ ಸ್ವಾಮಿ ಪೂಜಾರಿ ತಿಳಿಸಿದರು. ಪ್ರಧಾನ ಅರ್ಚಕ ಸಿದ್ದಯ್ಯ ಸ್ವಾಮಿ, ಪ್ರಮುಖರಾದ ಸದಾನಂದ ಸ್ವಾಮಿ, ಬಾಬುರಾವ್, ರಾಜಕುಮಾರ್, ಲಿಂಗರಾಜ, ಬಸವರಾಜ್, ಗುರುನಾಥ, ಶ್ರೀಕಾಂತಯ್ಯ, ವಿಶ್ವನಾಥ, ಆಶಾಪುರ ಹಾಗೂ ಭಕ್ತರು ದೀಪೋತ್ಸವದಲ್ಲಿ ಪಾಲ್ಗೊಂಡಿದ್ದರು.
